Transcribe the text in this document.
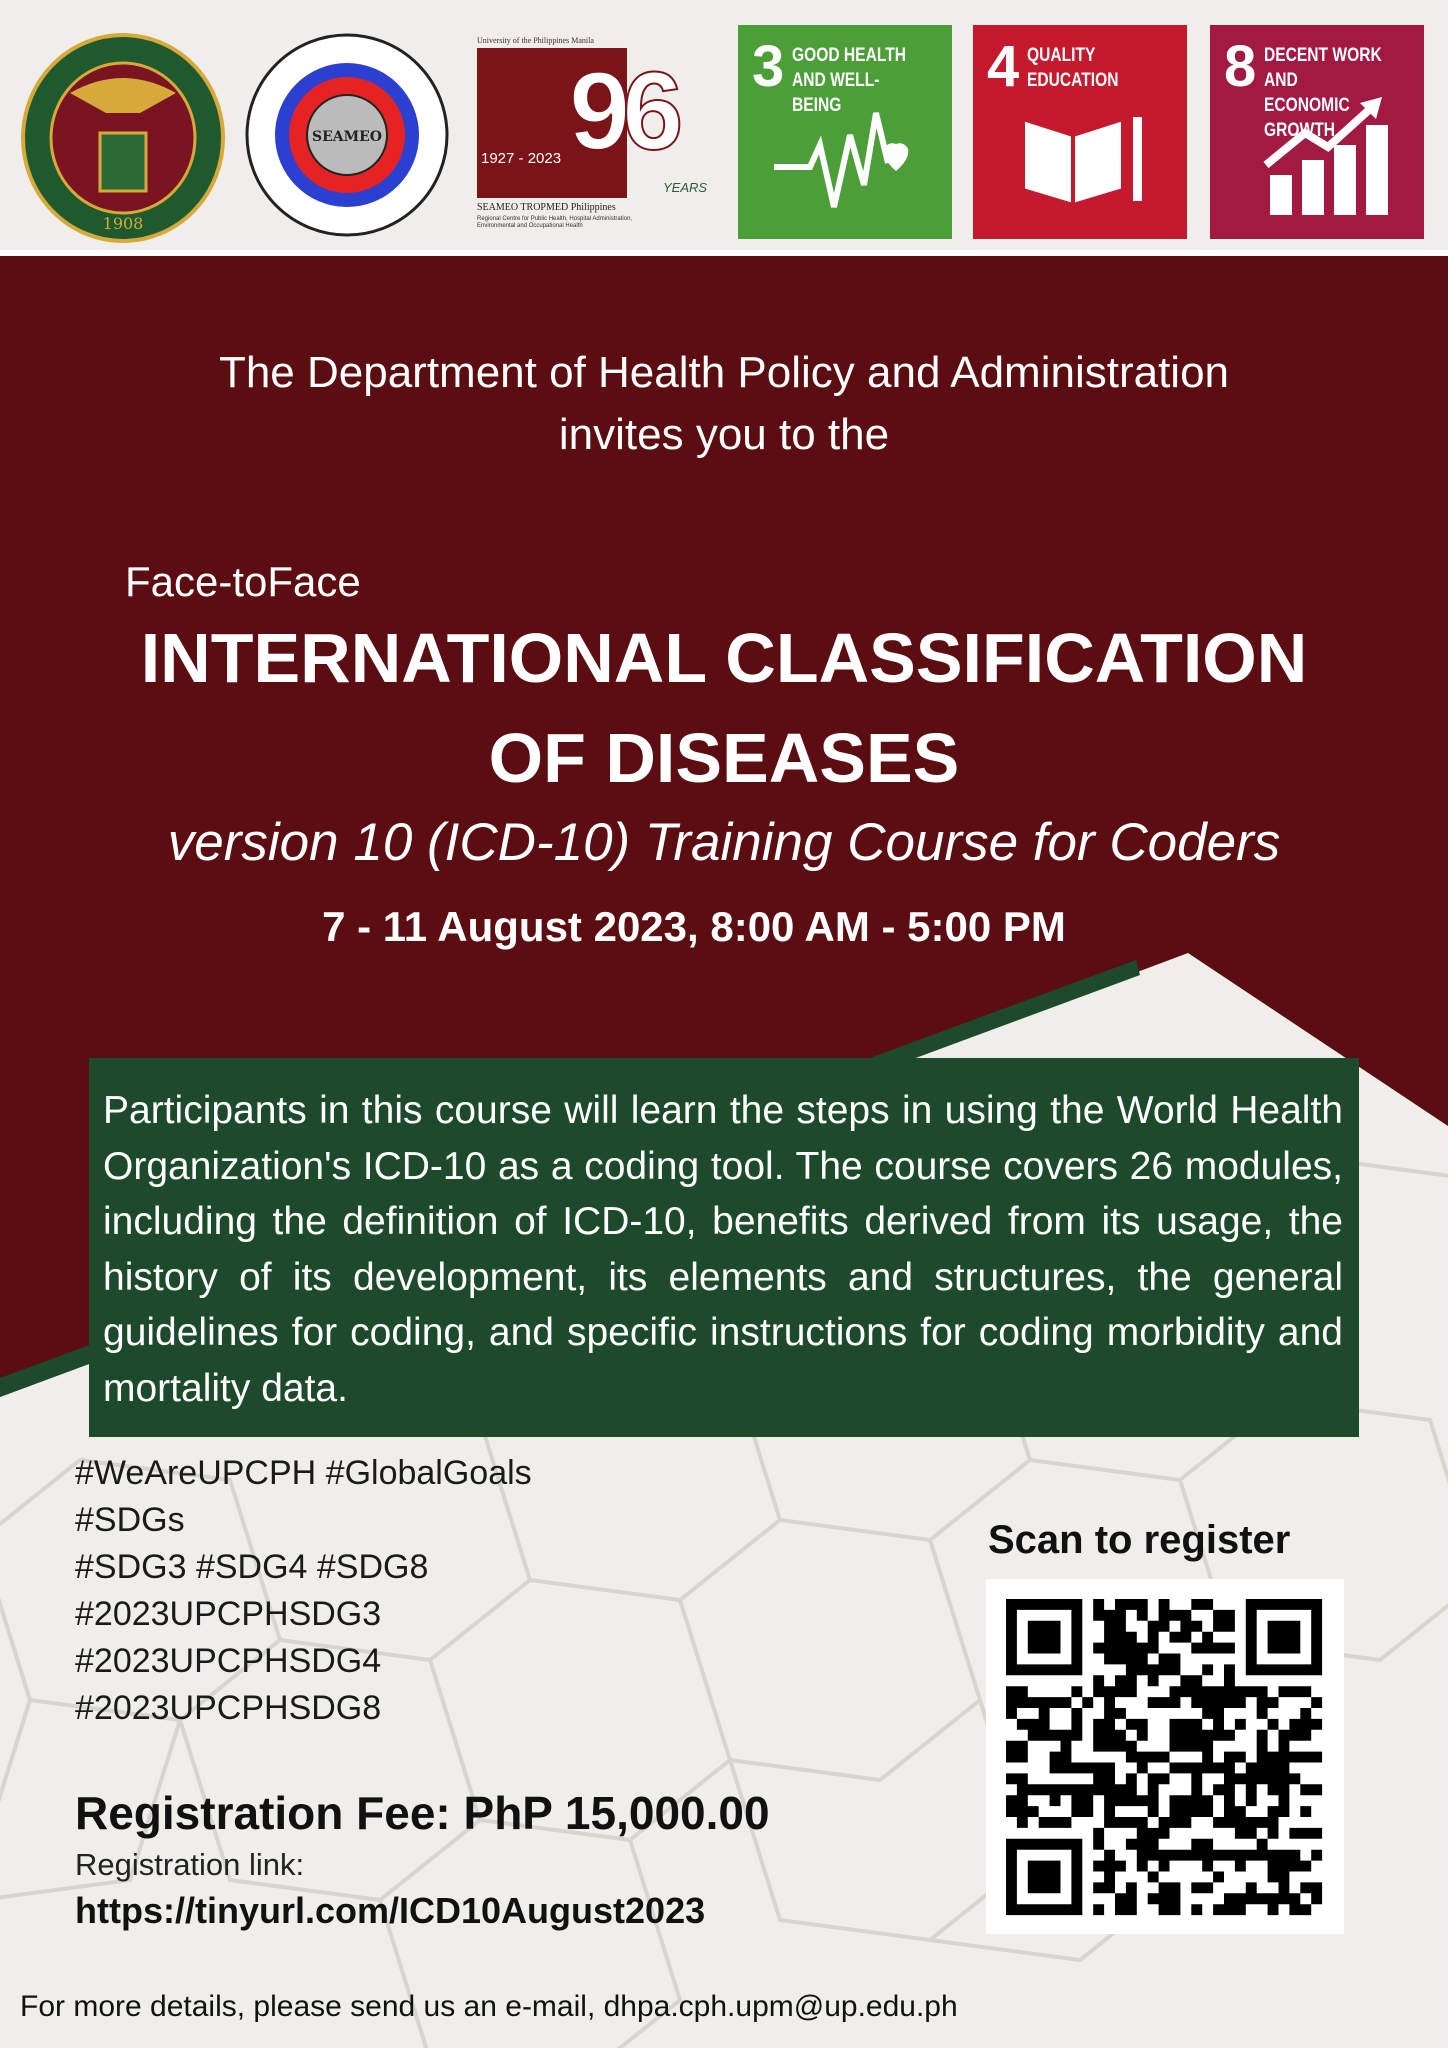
1908
SEAMEO
University of the Philippines Manila
96
1927 - 2023
YEARS
SEAMEO TROPMED Philippines
Regional Centre for Public Health, Hospital Administration, Environmental and Occupational Health
3 GOOD HEALTH
AND WELL-BEING
4 QUALITY
EDUCATION 8 DECENT WORK AND
ECONOMIC GROWTH
The Department of Health Policy and Administration
invites you to the
Face-toFace
INTERNATIONAL CLASSIFICATION
OF DISEASES
version 10 (ICD-10) Training Course for Coders
7 - 11 August 2023, 8:00 AM - 5:00 PM
Participants in this course will learn the steps in using the World Health Organization's ICD-10 as a coding tool. The course covers 26 modules, including the definition of ICD-10, benefits derived from its usage, the history of its development, its elements and structures, the general guidelines for coding, and specific instructions for coding morbidity and mortality data.
#WeAreUPCPH #GlobalGoals
#SDGs
#SDG3 #SDG4 #SDG8
#2023UPCPHSDG3
#2023UPCPHSDG4
#2023UPCPHSDG8
Registration Fee: PhP 15,000.00
Registration link:
https://tinyurl.com/ICD10August2023
Scan to register
For more details, please send us an e-mail, dhpa.cph.upm@up.edu.ph
